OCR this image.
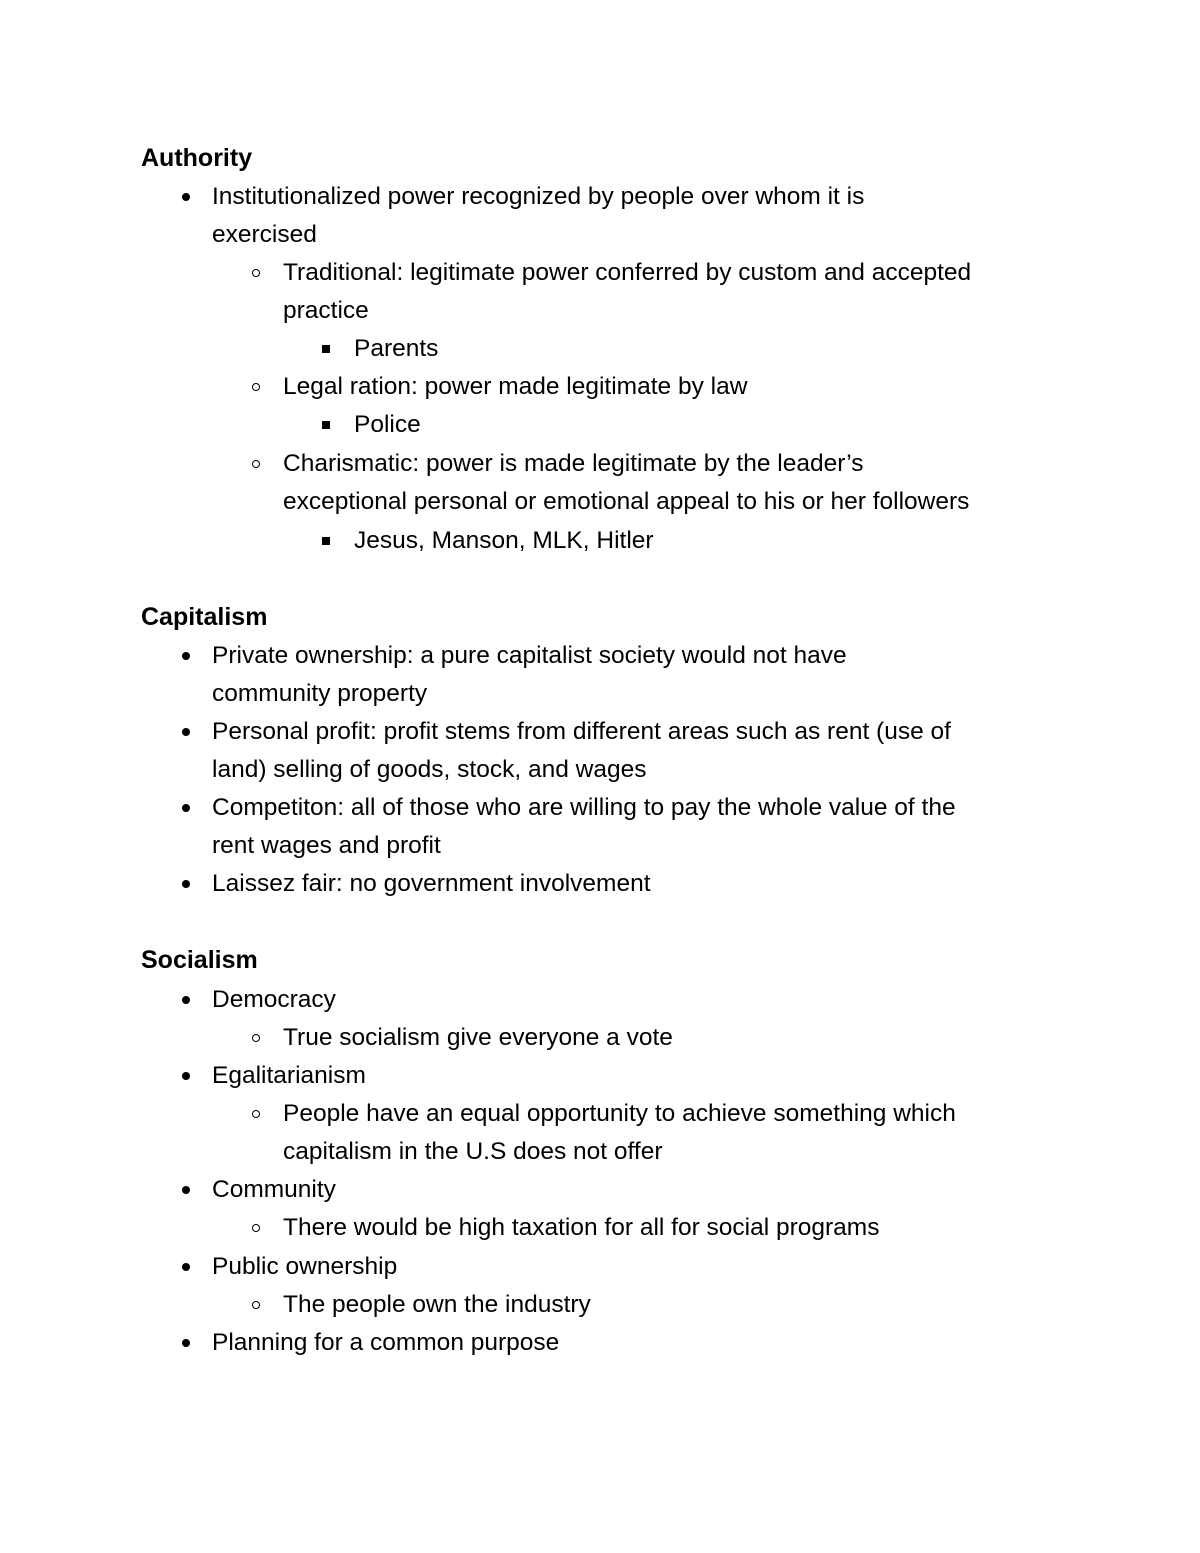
Authority
Institutionalized power recognized by people over whom it is
exercised
Traditional: legitimate power conferred by custom and accepted
practice
Parents
Legal ration: power made legitimate by law
Police
Charismatic: power is made legitimate by the leader’s
exceptional personal or emotional appeal to his or her followers
Jesus, Manson, MLK, Hitler
Capitalism
Private ownership: a pure capitalist society would not have
community property
Personal profit: profit stems from different areas such as rent (use of
land) selling of goods, stock, and wages
Competiton: all of those who are willing to pay the whole value of the
rent wages and profit
Laissez fair: no government involvement
Socialism
Democracy
True socialism give everyone a vote
Egalitarianism
People have an equal opportunity to achieve something which
capitalism in the U.S does not offer
Community
There would be high taxation for all for social programs
Public ownership
The people own the industry
Planning for a common purpose
